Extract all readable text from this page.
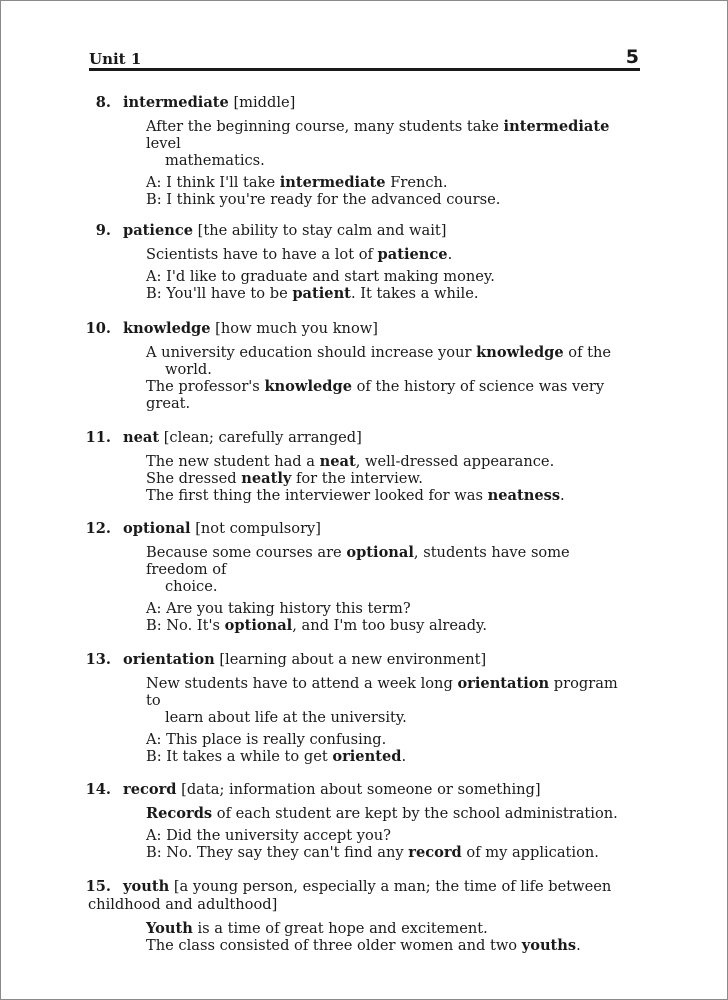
Unit 1	5
8. intermediate [middle]
After the beginning course, many students take intermediate level
mathematics.
A: I think I'll take intermediate French.
B: I think you're ready for the advanced course.
9. patience [the ability to stay calm and wait]
Scientists have to have a lot of patience.
A: I'd like to graduate and start making money.
B: You'll have to be patient. It takes a while.
10. knowledge [how much you know]
A university education should increase your knowledge of the
world.
The professor's knowledge of the history of science was very great.
11. neat [clean; carefully arranged]
The new student had a neat, well-dressed appearance.
She dressed neatly for the interview.
The first thing the interviewer looked for was neatness.
12. optional [not compulsory]
Because some courses are optional, students have some freedom of
choice.
A: Are you taking history this term?
B: No. It's optional, and I'm too busy already.
13. orientation [learning about a new environment]
New students have to attend a week long orientation program to
learn about life at the university.
A: This place is really confusing.
B: It takes a while to get oriented.
14. record [data; information about someone or something]
Records of each student are kept by the school administration.
A: Did the university accept you?
B: No. They say they can't find any record of my application.
15. youth [a young person, especially a man; the time of life between
childhood and adulthood]
Youth is a time of great hope and excitement.
The class consisted of three older women and two youths.
